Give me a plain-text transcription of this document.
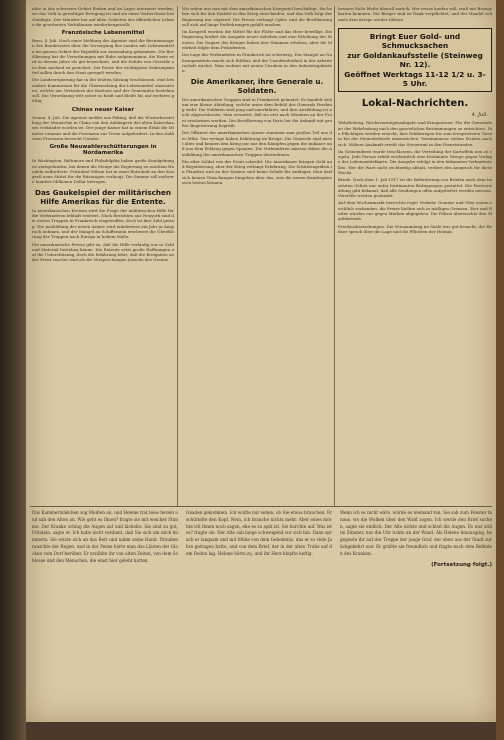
ußte in das schweizer Gebiet fliehen und im Lager interniert werden, wo das Volk in gewaltiger Erregung ist und sie eines Verbrechens beschuldigte. Der Minister hat auf allen Gebieten des öffentlichen Lebens die geordneten Verhältnisse wiederhergestellt.

Französische Lebensmittel

Bern, 4. Juli. Nach einer Meldung der Agentur sind die Bestimmungen des Bundesrates über die Versorgung des Landes mit Lebensmitteln im ganzen Gebiet der Republik zur Anwendung gekommen. Die Bevölkerung hat die Verordnungen mit Ruhe aufgenommen, die Ernte wird in diesem Jahre als gut bezeichnet, und die Zufuhr von Getreide aus dem Ausland ist gesichert. Die Preise der wichtigsten Nahrungsmittel sollen durch den Staat geregelt werden.

Die Landesregierung hat in der letzten Sitzung beschlossen, eine besondere Kommission für die Überwachung der Lebensmittel einzusetzen, welche aus Vertretern der Kantone und der Gemeinden bestehen soll. Die Verordnung tritt sofort in Kraft und bleibt bis auf weiteres gültig.

Chinas neuer Kaiser

Genua, 4. Juli. Die Agentur meldet aus Peking, daß die Wiederherstellung der Monarchie in China von den Anhängern des alten Kaiserhauses verkündet worden ist. Der junge Kaiser hat in einem Erlaß die Minister ernannt und die Provinzen zur Treue aufgefordert. In den südlichen Provinzen herrscht Unruhe.

Große Neuwahlerschütterungen in Nordamerika

In Washington, Baltimore und Philadelphia haben große Kundgebungen stattgefunden, bei denen die Menge die Regierung zu raschem Handeln aufforderte. Präsident Wilson hat in einer Botschaft an den Kongreß neue Mittel für die Rüstungen verlangt. Die Summe soll mehrere hundert Millionen Dollar betragen.

Das Gaukelspiel der militärischen Hilfe Amerikas für die Entente.

In amerikanischen Kreisen wird die Frage der militärischen Hilfe für die Verbündeten lebhaft erörtert. Nach Berichten aus Neuyork sind die ersten Truppen in Frankreich eingetroffen, doch ist ihre Zahl gering. Die Ausbildung der neuen Armee wird mindestens ein Jahr in Anspruch nehmen, und der Mangel an Schiffsraum erschwert die Überführung der Truppen nach Europa in hohem Maße.

Die amerikanische Presse gibt zu, daß die Hilfe vorläufig nur in Geld und Material bestehen könne. Die Entente setzt große Hoffnungen auf die Unterstützung, doch die Erfahrung lehrt, daß die Ereignisse an der Front rascher sind als die Versprechungen jenseits des Ozeans.

Wir sehen uns nun mit dem amerikanischen Kriegsziel beschäftigt. Sie haben sich für den Eintritt in den Krieg entschieden, und das Volk folgt der Regierung nur zögernd. Die Presse verlangt Opfer, und die Bevölkerung soll sich auf lange Entbehrungen gefaßt machen.

Im Kongreß wurden die Mittel für die Flotte und das Heer bewilligt. Die Regierung fordert die Ausgabe neuer Anleihen und eine Erhöhung der Steuern. Die Gegner des Krieges haben ihre Stimmen erhoben, aber die Mehrheit folgte dem Präsidenten.

Die Lage der Verbündeten in Frankreich ist schwierig. Der Mangel an Nahrungsmitteln macht sich fühlbar, und die Unzufriedenheit in der Arbeiterschaft wächst. Man rechnet mit neuen Unruhen in den Industriegebieten.

Die Amerikaner, ihre Generale u. Soldaten.

Die amerikanischen Truppen sind in Frankreich gelandet. Es handelt sich um eine kleine Abteilung, welche unter dem Befehl des Generals Pershing steht. Die Soldaten sind jung und unerfahren, und ihre Ausbildung ist nicht abgeschlossen. Man erwartet, daß sie erst nach Monaten an der Front erscheinen werden. Die Bevölkerung von Paris hat die Ankunft mit großer Begeisterung begrüßt.

Die Offiziere der amerikanischen Armee stammen zum großen Teil aus der Miliz. Nur wenige haben Erfahrung im Kriege. Die Generale sind meist älter und kennen den Krieg nur aus den Kämpfen gegen die Indianer und aus dem Feldzug gegen Spanien. Die Verbündeten müssen daher die Ausbildung der amerikanischen Truppen übernehmen.

Ein alter Soldat von der Front schreibt: Die Amerikaner bringen Geld und Begeisterung, aber der Krieg verlangt Erfahrung. Die Schützengräben in Flandern und an der Somme sind keine Schule für Anfänger. Man darf sich keinen Täuschungen hingeben über das, was die neuen Bundesgenossen leisten können.

bessere Sicht bleibt überall zurück. Wer etwas kaufen will, muß mit Bezugskarten kommen. Die Bürger sind zu Dank verpflichtet, und der Handel soll nach dem Kriege wieder blühen.

Bringt Euer Gold- und Schmucksachen
zur Goldankaufsstelle (Steinweg Nr. 12).
Geöffnet Werktags 11-12 1/2 u. 3-5 Uhr.
Lokal-Nachrichten.
4. Juli.

Wehrbeitrag, Reichsvermögensabgabe und Kriegssteuer. Für die Gemeinde ist der Wehrbeitrag nach den gesetzlichen Bestimmungen zu entrichten. Die Pflichtigen werden ersucht, ihre Erklärungen bis zum festgesetzten Termin bei der Steuerbehörde einzureichen. Versäumnisse ziehen Strafen nach sich. Nähere Auskunft erteilt das Steueramt in den Dienststunden.

Im Gemeinderat wurde beschlossen, die Verteilung der Kartoffeln neu zu regeln. Jede Person erhält wöchentlich eine bestimmte Menge gegen Vorlage der Lebensmittelkarte. Die Ausgabe erfolgt in den bekannten Verkaufsstellen. Wer die Ware nicht rechtzeitig abholt, verliert den Anspruch für diese Woche.

Briefe. Nach dem 1. Juli 1917 ist die Beförderung von Briefen nach dem besetzten Gebiet nur unter bestimmten Bedingungen gestattet. Die Postverwaltung gibt bekannt, daß alle Sendungen offen aufgeliefert werden müssen. Verstöße werden geahndet.

Auf dem Wochenmarkt herrschte reger Verkehr. Gemüse und Obst waren reichlich vorhanden, die Preise hielten sich in mäßigen Grenzen. Eier und Butter wurden nur gegen Marken abgegeben. Die Polizei überwachte den Marktbetrieb.

Friedensbestrebungen. Die Versammlung im Saale war gut besucht; der Redner sprach über die Lage und die Pflichten der Heimat.

Das Kammermädchen zog Meißen an, und Helene trat leise herein und sah den Alten an. Wie geht es Ihnen? fragte sie mit weicher Stimme. Der Kranke schlug die Augen auf und lächelte. Sie sind zu gut, Fräulein, sagte er. Ich habe nicht verdient, daß Sie sich um mich kümmern. Sie setzte sich an das Bett und nahm seine Hand. Draußen rauschte der Regen, und in der Ferne hörte man das Läuten der Glocken vom Dorf herüber. Er erzählte ihr von alten Zeiten, von dem Schlosse und den Menschen, die einst hier gelebt hatten.

Gnaden gekommen. Ich wollte nur sehen, ob Sie etwas brauchen. Er schüttelte den Kopf. Nein, ich brauche nichts mehr. Aber eines möchte ich Ihnen noch sagen, ehe es zu spät ist. Sie horchte auf. Was ist es? fragte sie. Der Alte sah lange schweigend vor sich hin. Dann sprach er langsam und mit Mühe von dem Geheimnis, das er so viele Jahre getragen hatte, und von dem Brief, der in der alten Truhe auf dem Boden lag. Helene hörte zu, und ihr Herz klopfte heftig.

Wenn ich es nicht wäre, würde es niemand tun. Sie sah zum Fenster hinaus, wo die Wolken über den Wald zogen. Ich werde den Brief suchen, sagte sie endlich. Der Alte nickte und schloß die Augen. Es war still im Zimmer, nur die Uhr tickte an der Wand. Als Helene hinausging, begegnete ihr auf der Treppe der junge Graf, der eben aus der Stadt zurückgekehrt war. Er grüßte sie freundlich und fragte nach dem Befinden des Kranken.

(Fortsetzung folgt.)
